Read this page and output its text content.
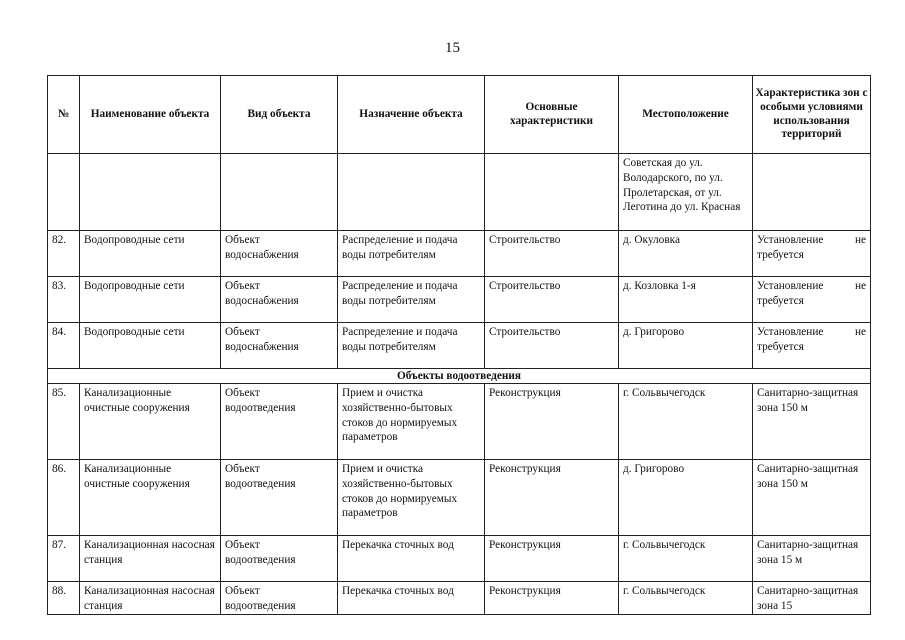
15
№	Наименование объекта	Вид объекта	Назначение объекта	Основные характеристики	Местоположение	Характеристика зон с особыми условиями использования территорий
					Советская до ул. Володарского, по ул. Пролетарская, от ул. Леготина до ул. Красная	
82.	Водопроводные сети	Объект водоснабжения	Распределение и подача воды потребителям	Строительство	д. Окуловка	Установление не требуется
83.	Водопроводные сети	Объект водоснабжения	Распределение и подача воды потребителям	Строительство	д. Козловка 1-я	Установление не требуется
84.	Водопроводные сети	Объект водоснабжения	Распределение и подача воды потребителям	Строительство	д. Григорово	Установление не требуется
Объекты водоотведения						
85.	Канализационные очистные сооружения	Объект водоотведения	Прием и очистка хозяйственно-бытовых стоков до нормируемых параметров	Реконструкция	г. Сольвычегодск	Санитарно-защитная зона 150 м
86.	Канализационные очистные сооружения	Объект водоотведения	Прием и очистка хозяйственно-бытовых стоков до нормируемых параметров	Реконструкция	д. Григорово	Санитарно-защитная зона 150 м
87.	Канализационная насосная станция	Объект водоотведения	Перекачка сточных вод	Реконструкция	г. Сольвычегодск	Санитарно-защитная зона 15 м
88.	Канализационная насосная станция	Объект водоотведения	Перекачка сточных вод	Реконструкция	г. Сольвычегодск	Санитарно-защитная зона 15
